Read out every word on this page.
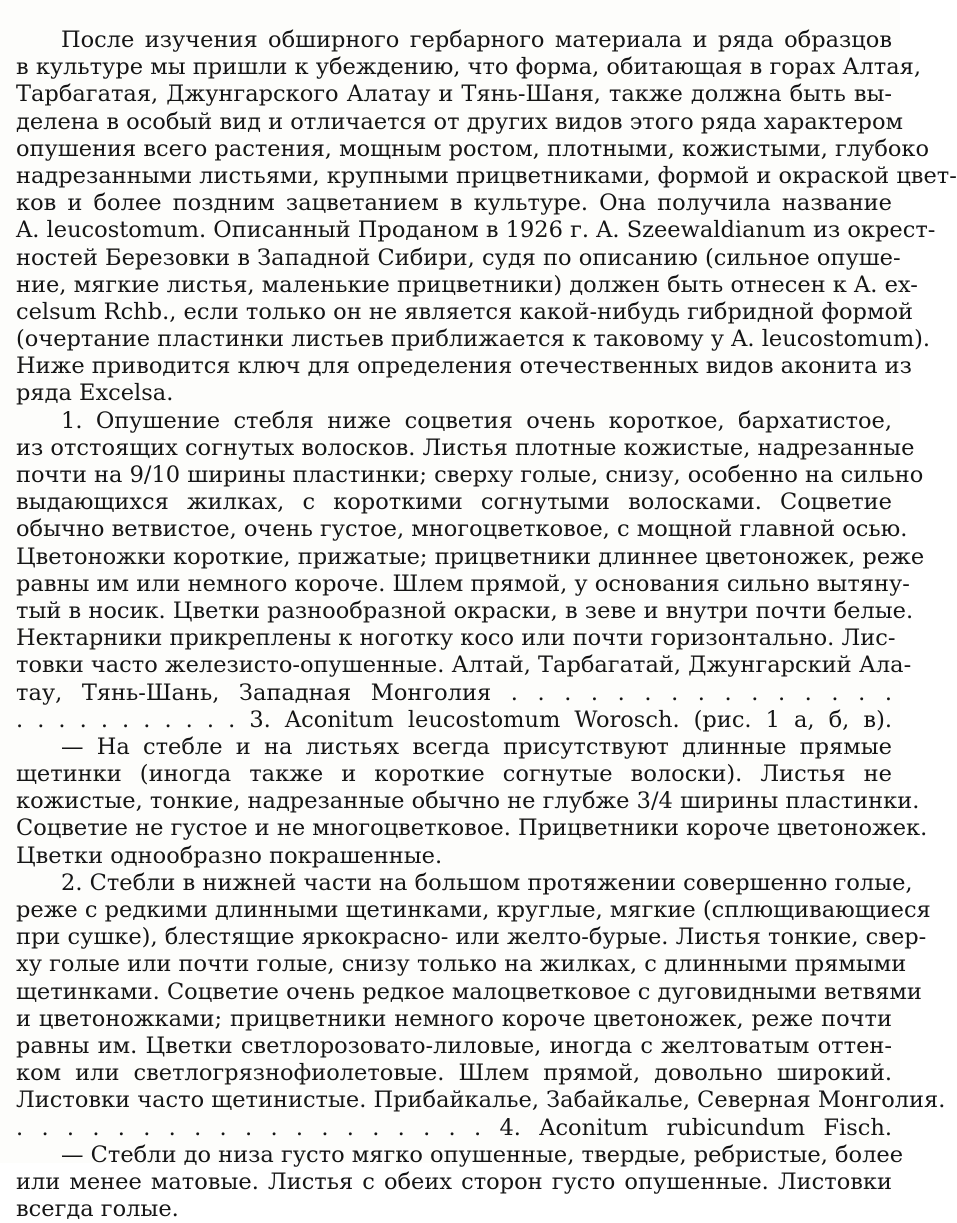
После изучения обширного гербарного материала и ряда образцов
в культуре мы пришли к убеждению, что форма, обитающая в горах Алтая,
Тарбагатая, Джунгарского Алатау и Тянь-Шаня, также должна быть вы-
делена в особый вид и отличается от других видов этого ряда характером
опушения всего растения, мощным ростом, плотными, кожистыми, глубоко
надрезанными листьями, крупными прицветниками, формой и окраской цвет-
ков и более поздним зацветанием в культуре. Она получила название
A. leucostomum. Описанный Проданом в 1926 г. A. Szeewaldianum из окрест-
ностей Березовки в Западной Сибири, судя по описанию (сильное опуше-
ние, мягкие листья, маленькие прицветники) должен быть отнесен к A. ex-
celsum Rchb., если только он не является какой-нибудь гибридной формой
(очертание пластинки листьев приближается к таковому у A. leucostomum).
Ниже приводится ключ для определения отечественных видов аконита из
ряда Excelsa.
1. Опушение стебля ниже соцветия очень короткое, бархатистое,
из отстоящих согнутых волосков. Листья плотные кожистые, надрезанные
почти на 9/10 ширины пластинки; сверху голые, снизу, особенно на сильно
выдающихся жилках, с короткими согнутыми волосками. Соцветие
обычно ветвистое, очень густое, многоцветковое, с мощной главной осью.
Цветоножки короткие, прижатые; прицветники длиннее цветоножек, реже
равны им или немного короче. Шлем прямой, у основания сильно вытяну-
тый в носик. Цветки разнообразной окраски, в зеве и внутри почти белые.
Нектарники прикреплены к ноготку косо или почти горизонтально. Лис-
товки часто железисто-опушенные. Алтай, Тарбагатай, Джунгарский Ала-
тау, Тянь-Шань, Западная Монголия . . . . . . . . . . . . . . .
. . . . . . . . . . . 3. Aconitum leucostomum Worosch. (рис. 1 а, б, в).
— На стебле и на листьях всегда присутствуют длинные прямые
щетинки (иногда также и короткие согнутые волоски). Листья не
кожистые, тонкие, надрезанные обычно не глубже 3/4 ширины пластинки.
Соцветие не густое и не многоцветковое. Прицветники короче цветоножек.
Цветки однообразно покрашенные.
2. Стебли в нижней части на большом протяжении совершенно голые,
реже с редкими длинными щетинками, круглые, мягкие (сплющивающиеся
при сушке), блестящие яркокрасно- или желто-бурые. Листья тонкие, свер-
ху голые или почти голые, снизу только на жилках, с длинными прямыми
щетинками. Соцветие очень редкое малоцветковое с дуговидными ветвями
и цветоножками; прицветники немного короче цветоножек, реже почти
равны им. Цветки светлорозовато-лиловые, иногда с желтоватым оттен-
ком или светлогрязнофиолетовые. Шлем прямой, довольно широкий.
Листовки часто щетинистые. Прибайкалье, Забайкалье, Северная Монголия.
. . . . . . . . . . . . . . . . . . . 4. Aconitum rubicundum Fisch.
— Стебли до низа густо мягко опушенные, твердые, ребристые, более
или менее матовые. Листья с обеих сторон густо опушенные. Листовки
всегда голые.
